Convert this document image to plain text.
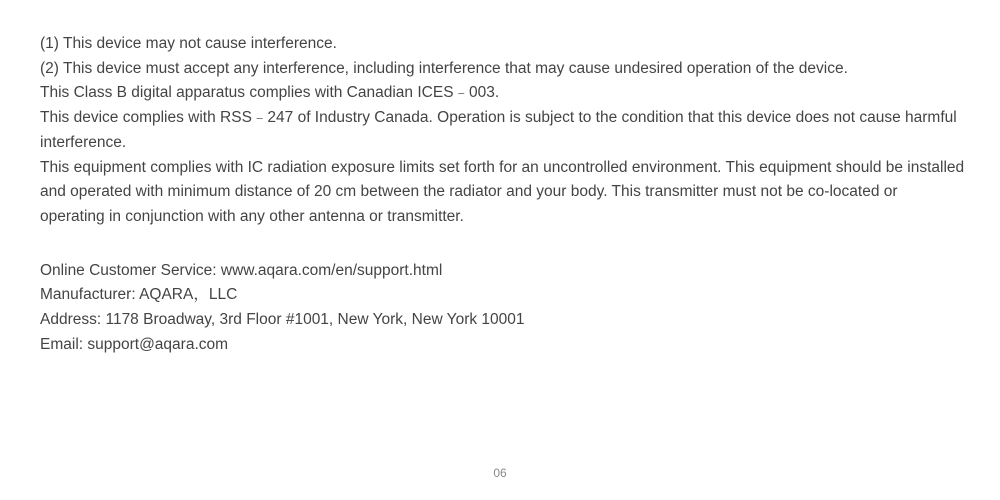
(1) This device may not cause interference.

(2) This device must accept any interference, including interference that may cause undesired operation of the device.

This Class B digital apparatus complies with Canadian ICES﹣003.

This device complies with RSS﹣247 of Industry Canada. Operation is subject to the condition that this device does not cause harmful interference.

This equipment complies with IC radiation exposure limits set forth for an uncontrolled environment. This equipment should be installed and operated with minimum distance of 20 cm between the radiator and your body. This transmitter must not be co-located or operating in conjunction with any other antenna or transmitter.

Online Customer Service: www.aqara.com/en/support.html

Manufacturer: AQARA，LLC

Address: 1178 Broadway, 3rd Floor #1001, New York, New York 10001

Email: support@aqara.com

06
